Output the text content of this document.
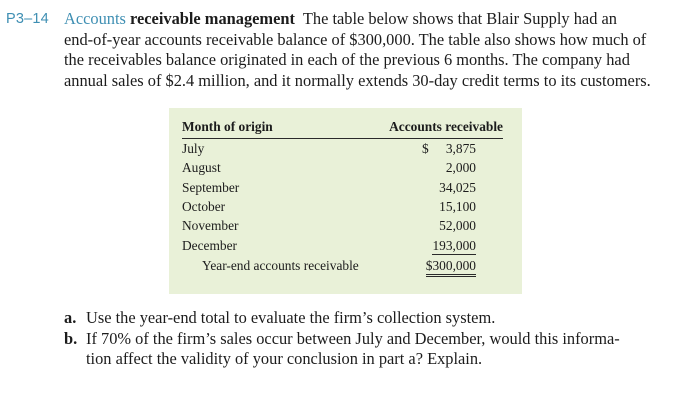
P3–14 Accounts receivable management The table below shows that Blair Supply had an
end-of-year accounts receivable balance of $300,000. The table also shows how much of
the receivables balance originated in each of the previous 6 months. The company had
annual sales of $2.4 million, and it normally extends 30-day credit terms to its customers.
Month of origin	Accounts receivable
July	$ 3,875
August	2,000
September	34,025
October	15,100
November	52,000
December	193,000
Year-end accounts receivable	$300,000
a. Use the year-end total to evaluate the firm’s collection system.
b. If 70% of the firm’s sales occur between July and December, would this informa-
tion affect the validity of your conclusion in part a? Explain.
